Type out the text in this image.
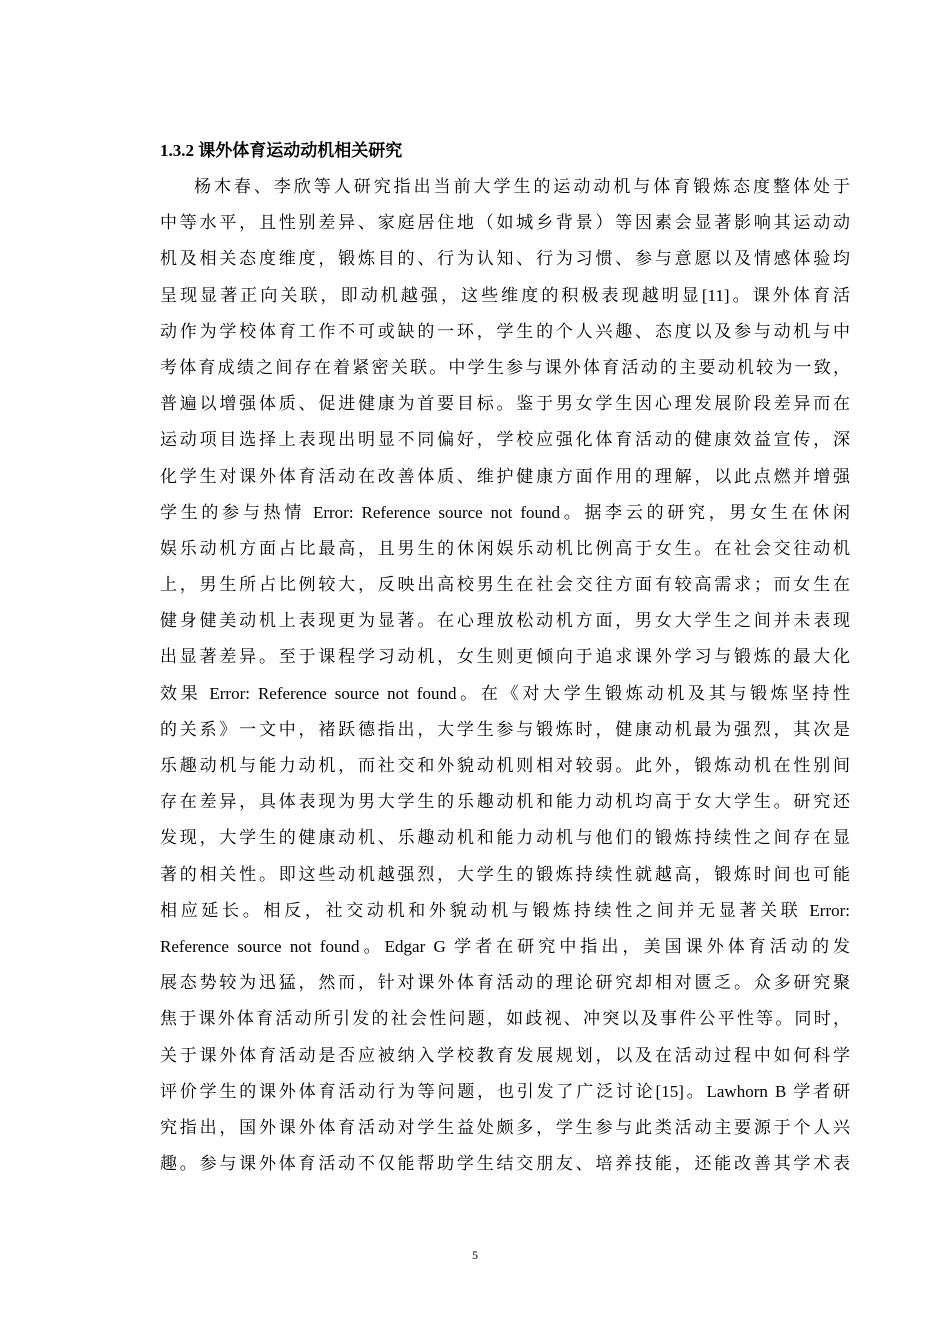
1.3.2 课外体育运动动机相关研究
杨木春、李欣等人研究指出当前大学生的运动动机与体育锻炼态度整体处于
中等水平，且性别差异、家庭居住地（如城乡背景）等因素会显著影响其运动动
机及相关态度维度，锻炼目的、行为认知、行为习惯、参与意愿以及情感体验均
呈现显著正向关联，即动机越强，这些维度的积极表现越明显[11]。课外体育活
动作为学校体育工作不可或缺的一环，学生的个人兴趣、态度以及参与动机与中
考体育成绩之间存在着紧密关联。中学生参与课外体育活动的主要动机较为一致，
普遍以增强体质、促进健康为首要目标。鉴于男女学生因心理发展阶段差异而在
运动项目选择上表现出明显不同偏好，学校应强化体育活动的健康效益宣传，深
化学生对课外体育活动在改善体质、维护健康方面作用的理解，以此点燃并增强
学生的参与热情 Error: Reference source not found。据李云的研究，男女生在休闲
娱乐动机方面占比最高，且男生的休闲娱乐动机比例高于女生。在社会交往动机
上，男生所占比例较大，反映出高校男生在社会交往方面有较高需求；而女生在
健身健美动机上表现更为显著。在心理放松动机方面，男女大学生之间并未表现
出显著差异。至于课程学习动机，女生则更倾向于追求课外学习与锻炼的最大化
效果 Error: Reference source not found。在《对大学生锻炼动机及其与锻炼坚持性
的关系》一文中，褚跃德指出，大学生参与锻炼时，健康动机最为强烈，其次是
乐趣动机与能力动机，而社交和外貌动机则相对较弱。此外，锻炼动机在性别间
存在差异，具体表现为男大学生的乐趣动机和能力动机均高于女大学生。研究还
发现，大学生的健康动机、乐趣动机和能力动机与他们的锻炼持续性之间存在显
著的相关性。即这些动机越强烈，大学生的锻炼持续性就越高，锻炼时间也可能
相应延长。相反，社交动机和外貌动机与锻炼持续性之间并无显著关联 Error:
Reference source not found。Edgar G 学者在研究中指出，美国课外体育活动的发
展态势较为迅猛，然而，针对课外体育活动的理论研究却相对匮乏。众多研究聚
焦于课外体育活动所引发的社会性问题，如歧视、冲突以及事件公平性等。同时，
关于课外体育活动是否应被纳入学校教育发展规划，以及在活动过程中如何科学
评价学生的课外体育活动行为等问题，也引发了广泛讨论[15]。Lawhorn B 学者研
究指出，国外课外体育活动对学生益处颇多，学生参与此类活动主要源于个人兴
趣。参与课外体育活动不仅能帮助学生结交朋友、培养技能，还能改善其学术表
5
